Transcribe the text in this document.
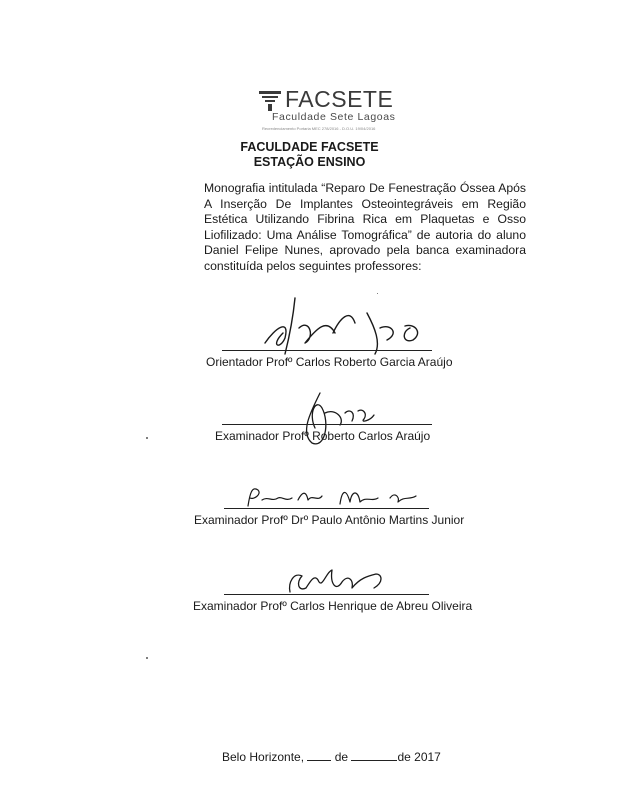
FACSETE
Faculdade Sete Lagoas
Recredenciamento Portaria MEC 278/2016 - D.O.U. 19/04/2016
FACULDADE FACSETE
ESTAÇÃO ENSINO

Monografia intitulada “Reparo De Fenestração Óssea Após A Inserção De Implantes Osteointegráveis em Região Estética Utilizando Fibrina Rica em Plaquetas e Osso Liofilizado: Uma Análise Tomográfica” de autoria do aluno Daniel Felipe Nunes, aprovado pela banca examinadora constituída pelos seguintes professores:

Orientador Profº Carlos Roberto Garcia Araújo
Examinador Profº Roberto Carlos Araújo
Examinador Profº Drº Paulo Antônio Martins Junior
Examinador Profº Carlos Henrique de Abreu Oliveira
Belo Horizonte,	de	de 2017
